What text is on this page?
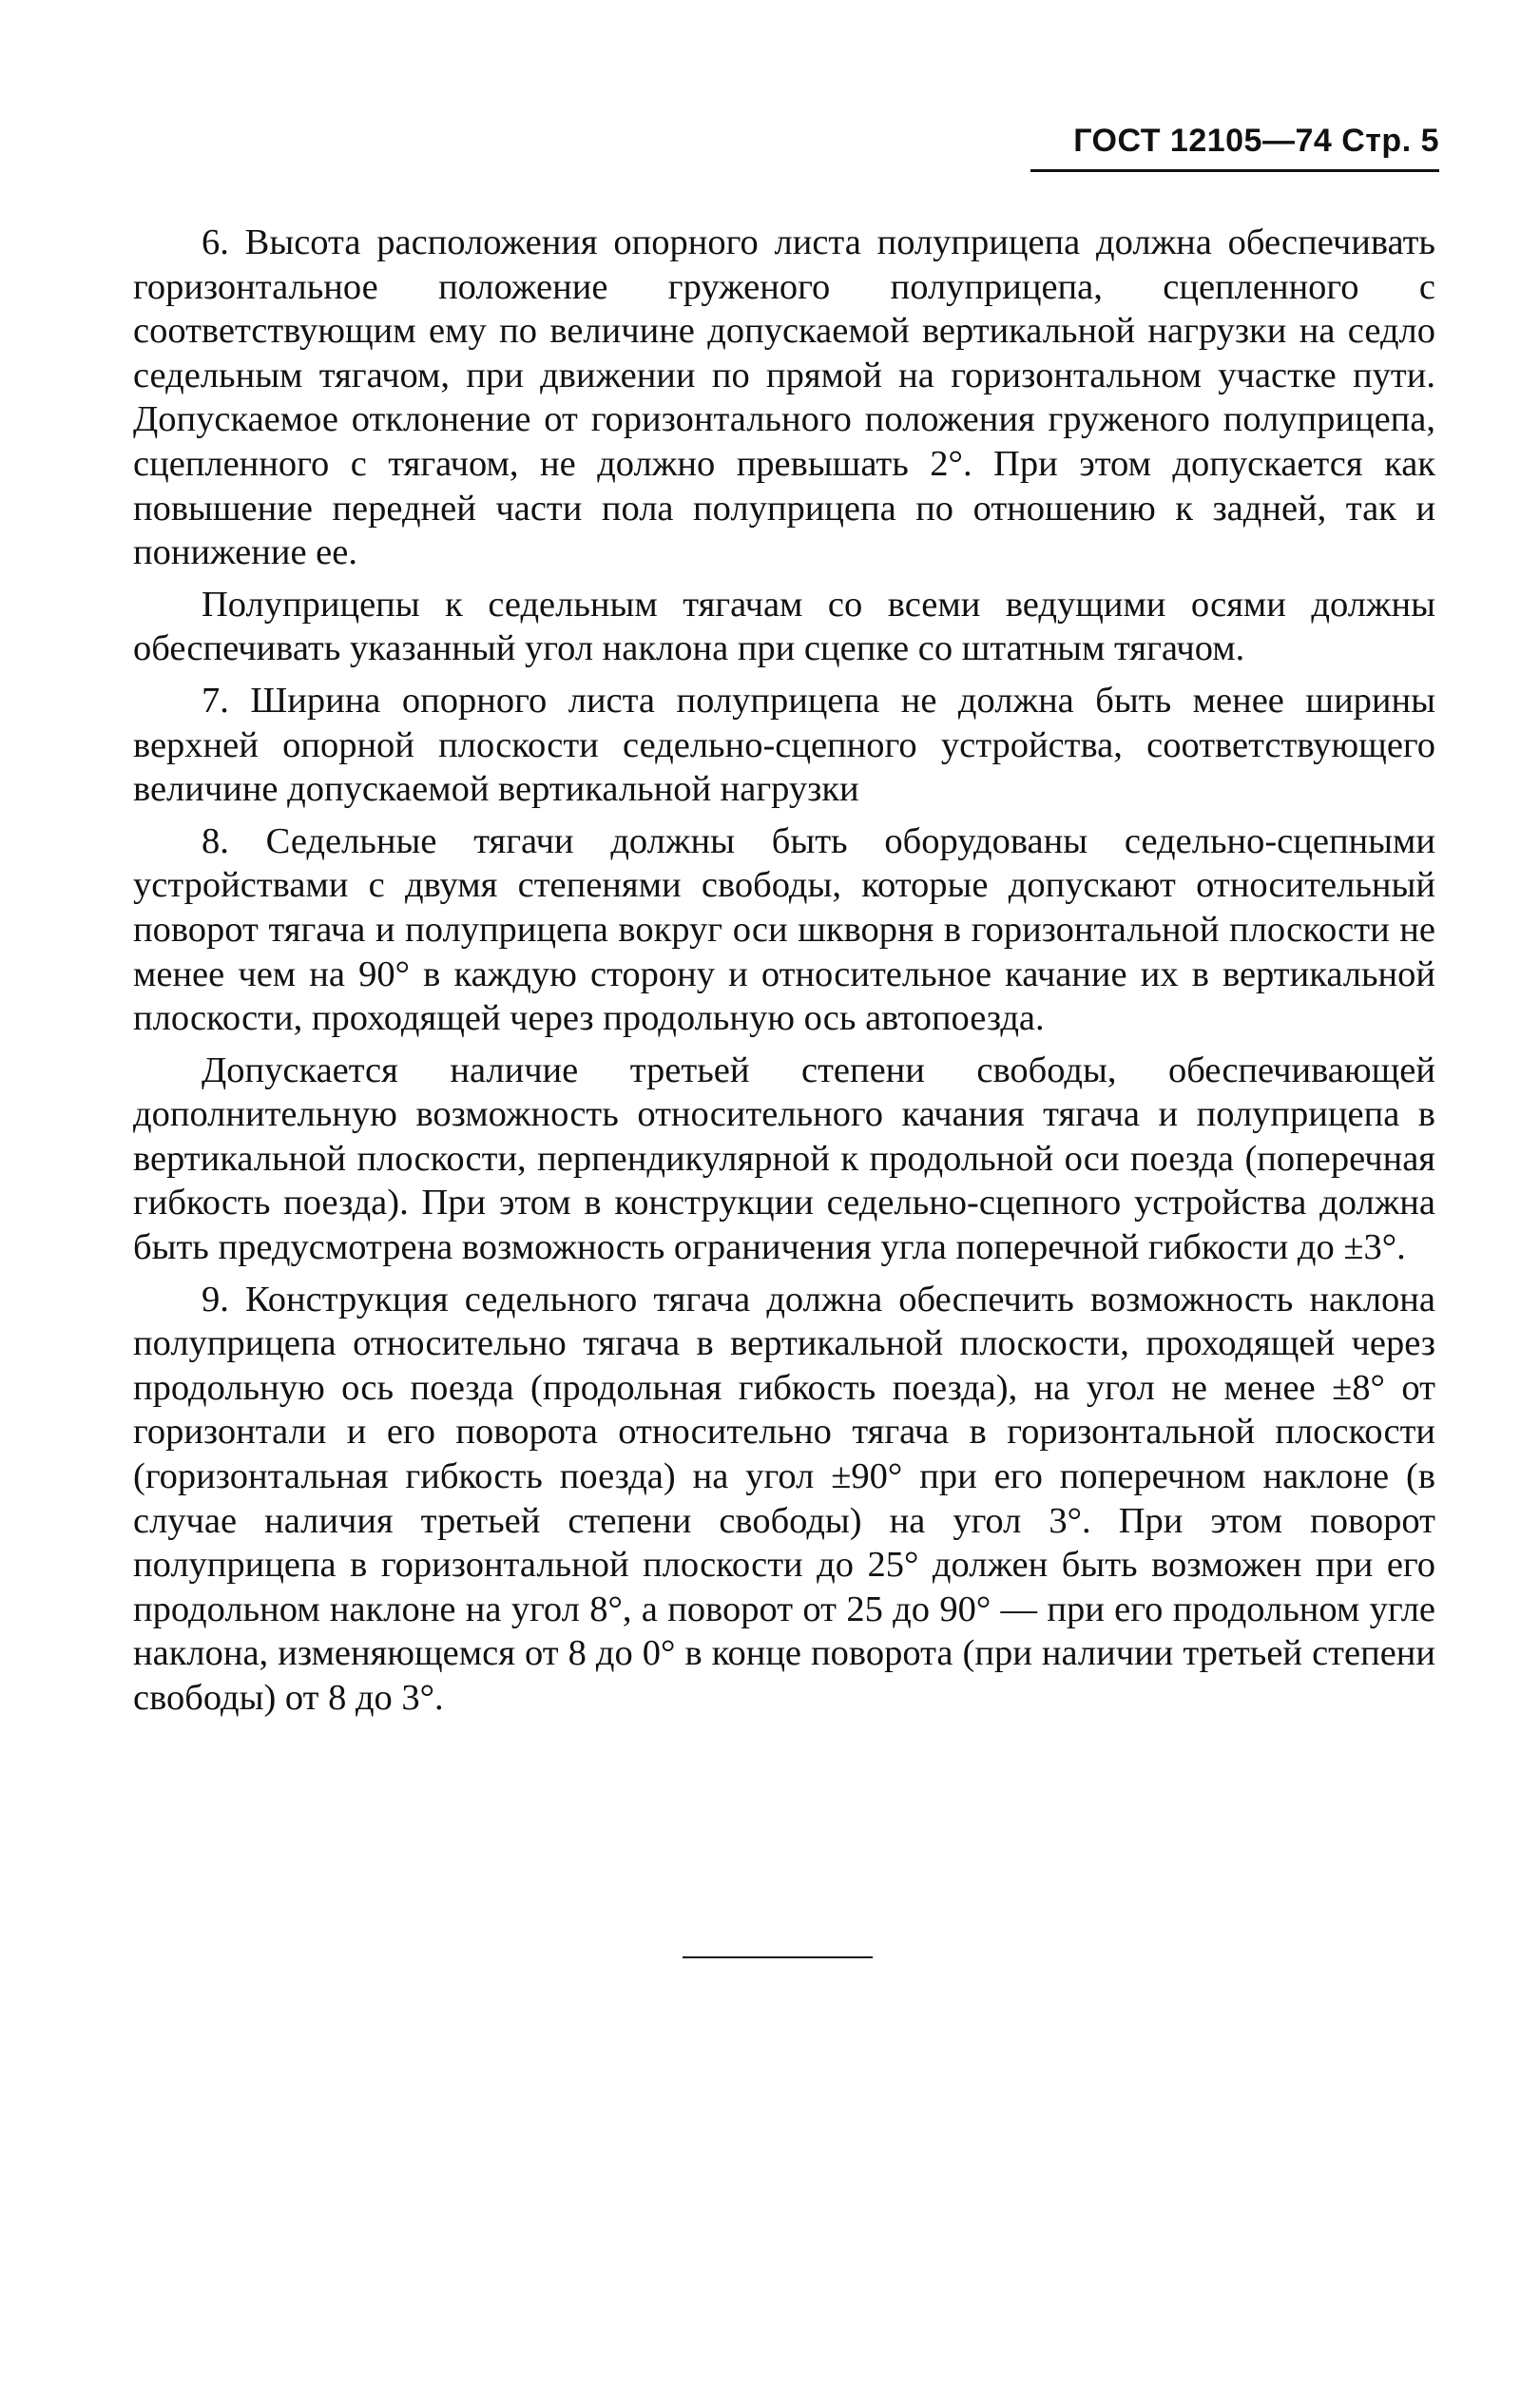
ГОСТ 12105—74 Стр. 5

6. Высота расположения опорного листа полуприцепа должна обеспечивать горизонтальное положение груженого полуприцепа, сцепленного с соответствующим ему по величине допускаемой вертикальной нагрузки на седло седельным тягачом, при движении по прямой на горизонтальном участке пути. Допускаемое отклонение от горизонтального положения груженого полуприцепа, сцепленного с тягачом, не должно превышать 2°. При этом допускается как повышение передней части пола полуприцепа по отношению к задней, так и понижение ее.

Полуприцепы к седельным тягачам со всеми ведущими осями должны обеспечивать указанный угол наклона при сцепке со штатным тягачом.

7. Ширина опорного листа полуприцепа не должна быть менее ширины верхней опорной плоскости седельно-сцепного устройства, соответствующего величине допускаемой вертикальной нагрузки

8. Седельные тягачи должны быть оборудованы седельно-сцепными устройствами с двумя степенями свободы, которые допускают относительный поворот тягача и полуприцепа вокруг оси шкворня в горизонтальной плоскости не менее чем на 90° в каждую сторону и относительное качание их в вертикальной плоскости, проходящей через продольную ось автопоезда.

Допускается наличие третьей степени свободы, обеспечивающей дополнительную возможность относительного качания тягача и полуприцепа в вертикальной плоскости, перпендикулярной к продольной оси поезда (поперечная гибкость поезда). При этом в конструкции седельно-сцепного устройства должна быть предусмотрена возможность ограничения угла поперечной гибкости до ±3°.

9. Конструкция седельного тягача должна обеспечить возможность наклона полуприцепа относительно тягача в вертикальной плоскости, проходящей через продольную ось поезда (продольная гибкость поезда), на угол не менее ±8° от горизонтали и его поворота относительно тягача в горизонтальной плоскости (горизонтальная гибкость поезда) на угол ±90° при его поперечном наклоне (в случае наличия третьей степени свободы) на угол 3°. При этом поворот полуприцепа в горизонтальной плоскости до 25° должен быть возможен при его продольном наклоне на угол 8°, а поворот от 25 до 90° — при его продольном угле наклона, изменяющемся от 8 до 0° в конце поворота (при наличии третьей степени свободы) от 8 до 3°.
